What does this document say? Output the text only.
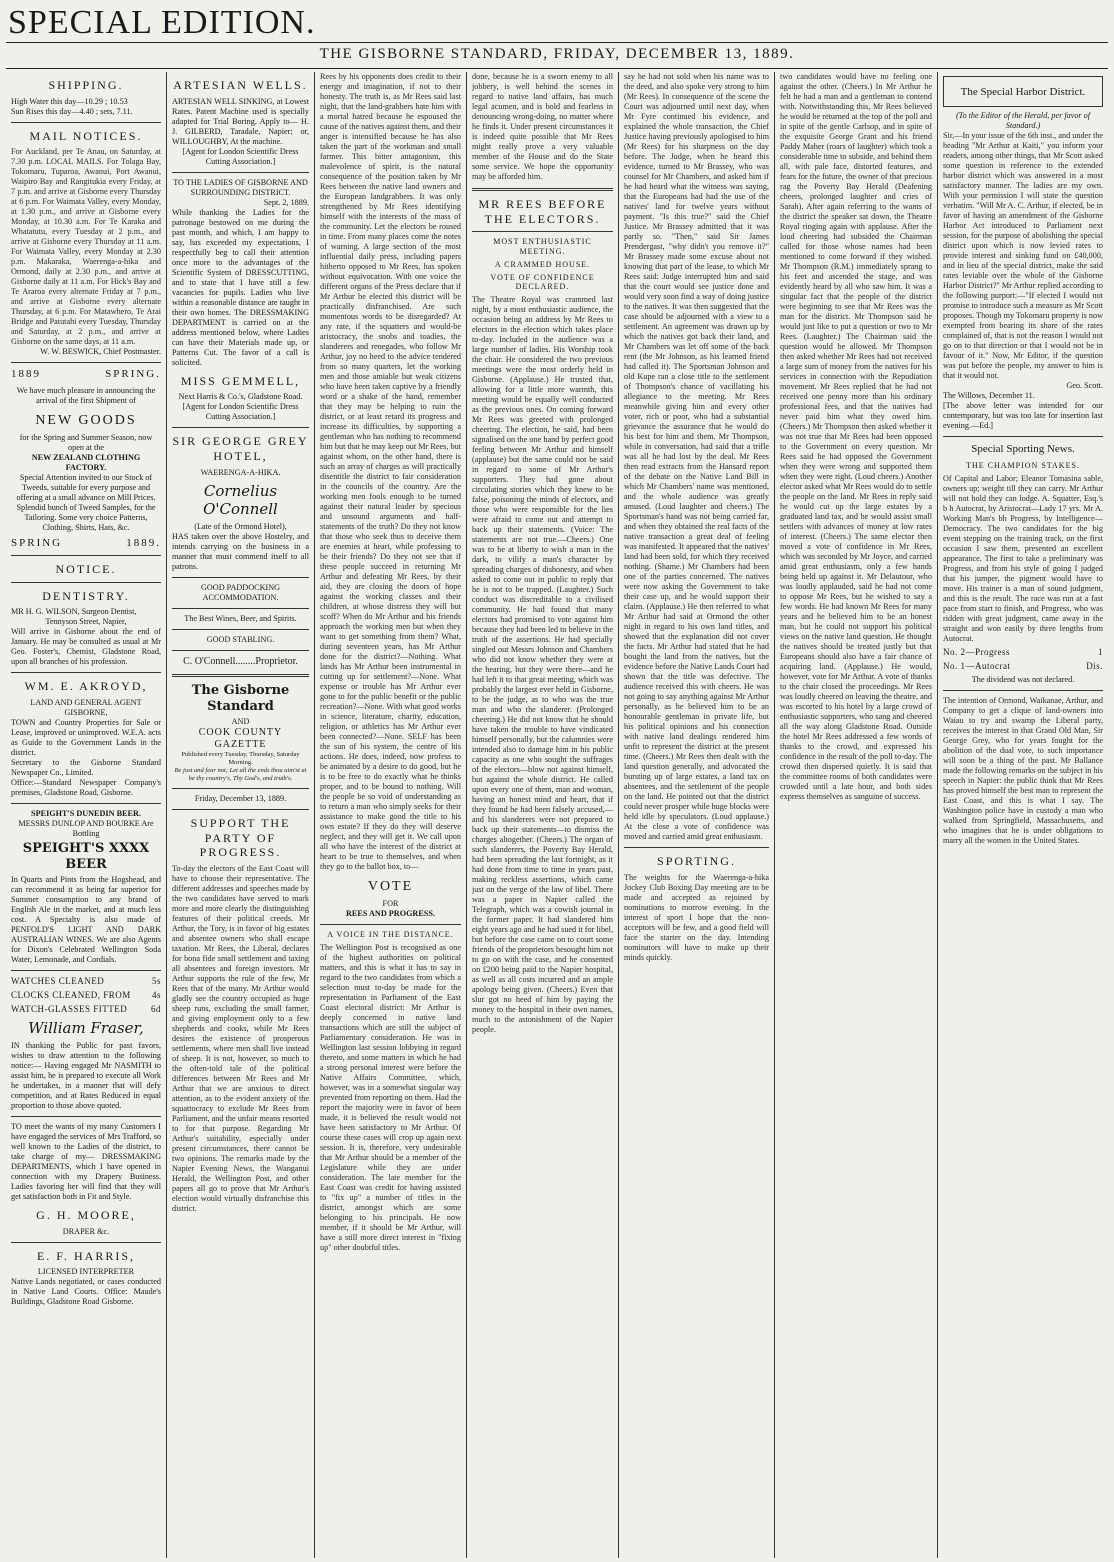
SPECIAL EDITION.
THE GISBORNE STANDARD, FRIDAY, DECEMBER 13, 1889.
SHIPPING.
High Water this day—10.29 ; 10.53
Sun Rises this day—4.40 ; sets, 7.11.
MAIL NOTICES.
For Auckland, per Te Anau, on Saturday, at 7.30 p.m. LOCAL MAILS. For Tolaga Bay, Tokomaru, Tuparoa, Awanui, Port Awanui, Waipiro Bay and Rangitukia every Friday, at 7 p.m. and arrive at Gisborne every Thursday at 6 p.m. For Waimata Valley, every Monday, at 1.30 p.m., and arrive at Gisborne every Monday, at 10.30 a.m. For Te Karaka and Whatatutu, every Tuesday at 2 p.m., and arrive at Gisborne every Thursday at 11 a.m. For Waimata Valley, every Monday at 2.30 p.m. Makaraka, Waerenga-a-hika and Ormond, daily at 2.30 p.m., and arrive at Gisborne daily at 11 a.m. For Hick's Bay and Te Araroa every alternate Friday at 7 p.m., and arrive at Gisborne every alternate Thursday, at 6 p.m. For Matawhero, Te Arai Bridge and Patutahi every Tuesday, Thursday and Saturday, at 2 p.m., and arrive at Gisborne on the same days, at 11 a.m.
W. W. BESWICK, Chief Postmaster.
1889	SPRING.
We have much pleasure in announcing the arrival of the first Shipment of
NEW GOODS
for the Spring and Summer Season, now open at the
NEW ZEALAND CLOTHING FACTORY.
Special Attention invited to our Stock of Tweeds, suitable for every purpose and offering at a small advance on Mill Prices. Splendid bunch of Tweed Samples, for the Tailoring. Some very choice Patterns, Clothing, Shirts, Hats, &c.
SPRING	1889.
NOTICE.
DENTISTRY.
MR H. G. WILSON, Surgeon Dentist,
Tennyson Street, Napier,
Will arrive in Gisborne about the end of January. He may be consulted as usual at Mr Geo. Foster's, Chemist, Gladstone Road, upon all branches of his profession.
WM. E. AKROYD,
LAND AND GENERAL AGENT GISBORNE,
TOWN and Country Properties for Sale or Lease, improved or unimproved. W.E.A. acts as Guide to the Government Lands in the district.
Secretary to the Gisborne Standard Newspaper Co., Limited.
Office:—Standard Newspaper Company's premises, Gladstone Road, Gisborne.
SPEIGHT'S DUNEDIN BEER.
MESSRS DUNLOP AND BOURKE Are Bottling
SPEIGHT'S XXXX BEER
In Quarts and Pints from the Hogshead, and can recommend it as being far superior for Summer consumption to any brand of English Ale in the market, and at much less cost. A Specialty is also made of PENFOLD'S LIGHT AND DARK AUSTRALIAN WINES. We are also Agents for Dixon's Celebrated Wellington Soda Water, Lemonade, and Cordials.
WATCHES CLEANED	5s
CLOCKS CLEANED, FROM 4s
WATCH-GLASSES FITTED	6d
William Fraser,
IN thanking the Public for past favors, wishes to draw attention to the following notice:— Having engaged Mr NASMITH to assist him, he is prepared to execute all Work he undertakes, in a manner that will defy competition, and at Rates Reduced in equal proportion to those above quoted.
TO meet the wants of my many Customers I have engaged the services of Mrs Trafford, so well known to the Ladies of the district, to take charge of my— DRESSMAKING DEPARTMENTS, which I have opened in connection with my Drapery Business. Ladies favoring her will find that they will get satisfaction both in Fit and Style.
G. H. MOORE,
DRAPER &c.
E. F. HARRIS,
LICENSED INTERPRETER
Native Lands negotiated, or cases conducted in Native Land Courts. Office: Maude's Buildings, Gladstone Road Gisborne.
ARTESIAN WELLS.
ARTESIAN WELL SINKING, at Lowest Rates. Patent Machine used is specially adapted for Trial Boring. Apply to— H. J. GILBERD, Taradale, Napier; or, WILLOUGHBY, At the machine.
[Agent for London Scientific Dress Cutting Association.]
TO THE LADIES OF GISBORNE AND SURROUNDING DISTRICT.
Sept. 2, 1889.
While thanking the Ladies for the patronage bestowed on me during the past month, and which, I am happy to say, has exceeded my expectations, I respectfully beg to call their attention once more to the advantages of the Scientific System of DRESSCUTTING, and to state that I have still a few vacancies for pupils. Ladies who live within a reasonable distance are taught in their own homes. The DRESSMAKING DEPARTMENT is carried on at the address mentioned below, where Ladies can have their Materials made up, or Patterns Cut. The favor of a call is solicited.
MISS GEMMELL,
Next Harris & Co.'s, Gladstone Road.
[Agent for London Scientific Dress Cutting Association.]
SIR GEORGE GREY HOTEL,
WAERENGA-A-HIKA.
Cornelius O'Connell
(Late of the Ormond Hotel),
HAS taken over the above Hostelry, and intends carrying on the business in a manner that must commend itself to all patrons.
GOOD PADDOCKING ACCOMMODATION.
The Best Wines, Beer, and Spirits.
GOOD STABLING.
C. O'Connell........Proprietor.
The Gisborne Standard
AND
COOK COUNTY GAZETTE
Published every Tuesday, Thursday, Saturday Morning.
Be just and fear not; Let all the ends thou aim'st at be thy country's, Thy God's, and truth's.
Friday, December 13, 1889.
SUPPORT THE PARTY OF PROGRESS.
To-day the electors of the East Coast will have to choose their representative. The different addresses and speeches made by the two candidates have served to mark more and more clearly the distinguishing features of their political creeds. Mr Arthur, the Tory, is in favor of big estates and absentee owners who shall escape taxation. Mr Rees, the Liberal, declares for bona fide small settlement and taxing all absentees and foreign investors. Mr Arthur supports the rule of the few, Mr Rees that of the many. Mr Arthur would gladly see the country occupied as huge sheep runs, excluding the small farmer, and giving employment only to a few shepherds and cooks, while Mr Rees desires the existence of prosperous settlements, where men shall live instead of sheep. It is not, however, so much to the often-told tale of the political differences between Mr Rees and Mr Arthur that we are anxious to direct attention, as to the evident anxiety of the squattocracy to exclude Mr Rees from Parliament, and the unfair means resorted to for that purpose. Regarding Mr Arthur's suitability, especially under present circumstances, there cannot be two opinions. The remarks made by the Napier Evening News, the Wanganui Herald, the Wellington Post, and other papers all go to prove that Mr Arthur's election would virtually disfranchise this district.
Rees by his opponents does credit to their energy and imagination, if not to their honesty. The truth is, as Mr Rees said last night, that the land-grabbers hate him with a mortal hatred because he espoused the cause of the natives against them, and their anger is intensified because he has also taken the part of the workman and small farmer. This bitter antagonism, this malevolence of spirit, is the natural consequence of the position taken by Mr Rees between the native land owners and the European landgrabbers. It was only strengthened by Mr Rees identifying himself with the interests of the mass of the community. Let the electors be roused in time. From many places come the notes of warning. A large section of the most influential daily press, including papers hitherto opposed to Mr Rees, has spoken without equivocation. With one voice the different organs of the Press declare that if Mr Arthur be elected this district will be practically disfranchised. Are such momentous words to be disregarded? At any rate, if the squatters and would-be aristocracy, the snobs and toadies, the slanderers and renegades, who follow Mr Arthur, joy no heed to the advice tendered from so many quarters, let the working men and those amiable but weak citizens who have been taken captive by a friendly word or a shake of the hand, remember that they may be helping to ruin the district, or at least retard its progress and increase its difficulties, by supporting a gentleman who has nothing to recommend him but that he may keep out Mr Rees, but against whom, on the other hand, there is such an array of charges as will practically disentitle the district to fair consideration in the councils of the country. Are the working men fools enough to be turned against their natural leader by specious and unsound arguments and half-statements of the truth? Do they not know that those who seek thus to deceive them are enemies at heart, while professing to be their friends? Do they not see that if these people succeed in returning Mr Arthur and defeating Mr Rees, by their aid, they are closing the doors of hope against the working classes and their children, at whose distress they will but scoff? When do Mr Arthur and his friends approach the working men but when they want to get something from them? What, during seventeen years, has Mr Arthur done for the district?—Nothing. What lands has Mr Arthur been instrumental in cutting up for settlement?—None. What expense or trouble has Mr Arthur ever gone to for the public benefit or the public recreation?—None. With what good works in science, literature, charity, education, religion, or athletics has Mr Arthur ever been connected?—None. SELF has been the sun of his system, the centre of his actions. He does, indeed, now profess to be animated by a desire to do good, but he is to be free to do exactly what he thinks proper, and to be bound to nothing. Will the people be so void of understanding as to return a man who simply seeks for their assistance to make good the title to his own estate? If they do they will deserve neglect, and they will get it. We call upon all who have the interest of the district at heart to be true to themselves, and when they go to the ballot box, to—
VOTE
FOR
REES AND PROGRESS.
A VOICE IN THE DISTANCE.
The Wellington Post is recognised as one of the highest authorities on political matters, and this is what it has to say in regard to the two candidates from which a selection must to-day be made for the representation in Parliament of the East Coast electoral district: Mr Arthur is deeply concerned in native land transactions which are still the subject of Parliamentary consideration. He was in Wellington last session lobbying in regard thereto, and some matters in which he had a strong personal interest were before the Native Affairs Committee, which, however, was in a somewhat singular way prevented from reporting on them. Had the report the majority were in favor of been made, it is believed the result would not have been satisfactory to Mr Arthur. Of course these cases will crop up again next session. It is, therefore, very undesirable that Mr Arthur should be a member of the Legislature while they are under consideration. The late member for the East Coast was credit for having assisted to "fix up" a number of titles in the district, amongst which are some belonging to his principals. He now member, if it should be Mr Arthur, will have a still more direct interest in "fixing up" other doubtful titles.
done, because he is a sworn enemy to all jobbery, is well behind the scenes in regard to native land affairs, has much legal acumen, and is bold and fearless in denouncing wrong-doing, no matter where he finds it. Under present circumstances it is indeed quite possible that Mr Rees might really prove a very valuable member of the House and do the State some service. We hope the opportunity may be afforded him.
MR REES BEFORE THE ELECTORS.
MOST ENTHUSIASTIC MEETING.
A CRAMMED HOUSE.
VOTE OF CONFIDENCE DECLARED.
The Theatre Royal was crammed last night, by a most enthusiastic audience, the occasion being an address by Mr Rees to electors in the election which takes place to-day. Included in the audience was a large number of ladies. His Worship took the chair. He considered the two previous meetings were the most orderly held in Gisborne. (Applause.) He trusted that, allowing for a little more warmth, this meeting would be equally well conducted as the previous ones. On coming forward Mr Rees was greeted with prolonged cheering. The election, he said, had been signalised on the one hand by perfect good feeling between Mr Arthur and himself (applause) but the same could not be said in regard to some of Mr Arthur's supporters. They had gone about circulating stories which they knew to be false, poisoning the minds of electors, and those who were responsible for the lies were afraid to come out and attempt to back up their statements. (Voice: The statements are not true.—Cheers.) One was to be at liberty to wish a man in the dark, to vilify a man's character by spreading charges of dishonesty, and when asked to come out in public to reply that he is not to be trapped. (Laughter.) Such conduct was discreditable to a civilised community. He had found that many electors had promised to vote against him because they had been led to believe in the truth of the assertions. He had specially singled out Messrs Johnson and Chambers who did not know whether they were at the hearing, but they were there—and he had left it to that great meeting, which was probably the largest ever held in Gisborne, to be the judge, as to who was the true man and who the slanderer. (Prolonged cheering.) He did not know that he should have taken the trouble to have vindicated himself personally, but the calumnies were intended also to damage him in his public capacity as one who sought the suffrages of the electors—blow not against himself, but against the whole district. He called upon every one of them, man and woman, having an honest mind and heart, that if they found he had been falsely accused,—and his slanderers were not prepared to back up their statements—to dismiss the charges altogether. (Cheers.) The organ of such slanderers, the Poverty Bay Herald, had been spreading the last fortnight, as it had done from time to time in years past, making reckless assertions, which came just on the verge of the law of libel. There was a paper in Napier called the Telegraph, which was a cowish journal in the former paper. It had slandered him eight years ago and he had sued it for libel, but before the case came on to court some friends of the proprietors besought him not to go on with the case, and he consented on £200 being paid to the Napier hospital, as well as all costs incurred and an ample apology being given. (Cheers.) Even that slur got no heed of him by paying the money to the hospital in their own names, much to the astonishment of the Napier people.
say he had not sold when his name was to the deed, and also spoke very strong to him (Mr Rees). In consequence of the scene the Court was adjourned until next day, when Mr Fyre continued his evidence, and explained the whole transaction, the Chief Justice having previously apologised to him (Mr Rees) for his sharpness on the day before. The Judge, when he heard this evidence, turned to Mr Brassey, who was counsel for Mr Chambers, and asked him if he had heard what the witness was saying, that the Europeans had had the use of the natives' land for twelve years without payment. "Is this true?" said the Chief Justice. Mr Brassey admitted that it was partly so. "Then," said Sir James Prendergast, "why didn't you remove it?" Mr Brassey made some excuse about not knowing that part of the lease, to which Mr Rees said: Judge interrupted him and said that the court would see justice done and would very soon find a way of doing justice to the natives. It was then suggested that the case should be adjourned with a view to a settlement. An agreement was drawn up by which the natives got back their land, and Mr Chambers was let off some of the back rent (the Mr Johnson, as his learned friend had called it). The Sportsman Johnson and old Kupe ran a close title to the settlement of Thompson's chance of vacillating his allegiance to the meeting. Mr Rees meanwhile giving him and every other voter, rich or poor, who had a substantial grievance the assurance that he would do his best for him and them. Mr Thompson, while in conversation, had said that a trifle was all he had lost by the deal. Mr Rees then read extracts from the Hansard report of the debate on the Native Land Bill in which Mr Chambers' name was mentioned, and the whole audience was greatly amused. (Loud laughter and cheers.) The Sportsman's hand was not being carried far, and when they obtained the real facts of the native transaction a great deal of feeling was manifested. It appeared that the natives' land had been sold, for which they received nothing. (Shame.) Mr Chambers had been one of the parties concerned. The natives were now asking the Government to take their case up, and he would support their claim. (Applause.) He then referred to what Mr Arthur had said at Ormond the other night in regard to his own land titles, and showed that the explanation did not cover the facts. Mr Arthur had stated that he had bought the land from the natives, but the evidence before the Native Lands Court had shown that the title was defective. The audience received this with cheers. He was not going to say anything against Mr Arthur personally, as he believed him to be an honourable gentleman in private life, but his political opinions and his connection with native land dealings rendered him unfit to represent the district at the present time. (Cheers.) Mr Rees then dealt with the land question generally, and advocated the bursting up of large estates, a land tax on absentees, and the settlement of the people on the land. He pointed out that the district could never prosper while huge blocks were held idle by speculators. (Loud applause.) At the close a vote of confidence was moved and carried amid great enthusiasm.
SPORTING.
The weights for the Waerenga-a-hika Jockey Club Boxing Day meeting are to be made and accepted as rejoined by nominations to morrow evening. In the interest of sport I hope that the non-acceptors will be few, and a good field will face the starter on the day. Intending nominators will have to make up their minds quickly.
two candidates would have no feeling one against the other. (Cheers.) In Mr Arthur he felt he had a man and a gentleman to contend with. Notwithstanding this, Mr Rees believed he would be returned at the top of the poll and in spite of the gentle Carlsop, and in spite of the exquisite George Grant and his friend Paddy Maher (roars of laughter) which took a considerable time to subside, and behind them all, with pale face, distorted features, and fears for the future, the owner of that precious rag the Poverty Bay Herald (Deafening cheers, prolonged laughter and cries of Sarah). After again referring to the wants of the district the speaker sat down, the Theatre Royal ringing again with applause. After the loud cheering had subsided the Chairman called for those whose names had been mentioned to come forward if they wished. Mr Thompson (R.M.) immediately sprang to his feet and ascended the stage, and was evidently heard by all who saw him. It was a singular fact that the people of the district were beginning to see that Mr Rees was the man for the district. Mr Thompson said he would just like to put a question or two to Mr Rees. (Laughter.) The Chairman said the question would be allowed. Mr Thompson then asked whether Mr Rees had not received a large sum of money from the natives for his services in connection with the Repudiation movement. Mr Rees replied that he had not received one penny more than his ordinary professional fees, and that the natives had never paid him what they owed him. (Cheers.) Mr Thompson then asked whether it was not true that Mr Rees had been opposed to the Government on every question. Mr Rees said he had opposed the Government when they were wrong and supported them when they were right. (Loud cheers.) Another elector asked what Mr Rees would do to settle the people on the land. Mr Rees in reply said he would cut up the large estates by a graduated land tax, and he would assist small settlers with advances of money at low rates of interest. (Cheers.) The same elector then moved a vote of confidence in Mr Rees, which was seconded by Mr Joyce, and carried amid great enthusiasm, only a few hands being held up against it. Mr Delautour, who was loudly applauded, said he had not come to oppose Mr Rees, but he wished to say a few words. He had known Mr Rees for many years and he believed him to be an honest man, but he could not support his political views on the native land question. He thought the natives should be treated justly but that Europeans should also have a fair chance of acquiring land. (Applause.) He would, however, vote for Mr Arthur. A vote of thanks to the chair closed the proceedings. Mr Rees was loudly cheered on leaving the theatre, and was escorted to his hotel by a large crowd of enthusiastic supporters, who sang and cheered all the way along Gladstone Road. Outside the hotel Mr Rees addressed a few words of thanks to the crowd, and expressed his confidence in the result of the poll to-day. The crowd then dispersed quietly. It is said that the committee rooms of both candidates were crowded until a late hour, and both sides express themselves as sanguine of success.
The Special Harbor District.
(To the Editor of the Herald, per favor of Standard.)
Sir,—In your issue of the 6th inst., and under the heading "Mr Arthur at Kaiti," you inform your readers, among other things, that Mr Scott asked some question in reference to the extended harbor district which was answered in a most satisfactory manner. The ladies are my own. With your permission I will state the question verbatim. "Will Mr A. C. Arthur, if elected, be in favor of having an amendment of the Gisborne Harbor Act introduced to Parliament next session, for the purpose of abolishing the special district upon which is now levied rates to provide interest and sinking fund on £40,000, and in lieu of the special district, make the said rates leviable over the whole of the Gisborne Harbor District?" Mr Arthur replied according to the following purport:—"If elected I would not promise to introduce such a measure as Mr Scott proposes. Though my Tokomaru property is now exempted from bearing its share of the rates complained of, that is not the reason I would not go on to that direction or that I would not be in favour of it." Now, Mr Editor, if the question was put before the people, my answer to him is that it would not.
Geo. Scott.
The Willows, December 11.
[The above letter was intended for our contemporary, but was too late for insertion last evening.—Ed.]
Special Sporting News.
THE CHAMPION STAKES.
Of Capital and Labor; Eleanor Tomasina sable, owners up; weight till they can carry. Mr Arthur will not hold they can lodge. A. Squatter, Esq.'s b h Autocrat, by Aristocrat—Lady 17 yrs. Mr A. Working Man's bh Progress, by Intelligence—Democracy. The two candidates for the big event stepping on the training track, on the first occasion I saw them, presented an excellent appearance. The first to take a preliminary was Progress, and from his style of going I judged that his jumper, the pigment would have to move. His trainer is a man of sound judgment, and this is the result. The race was run at a fast pace from start to finish, and Progress, who was ridden with great judgment, came away in the straight and won easily by three lengths from Autocrat.
No. 2—Progress	1
No. 1—Autocrat	Dis.
The dividend was not declared.
The intention of Ormond, Waikanae, Arthur, and Company to get a clique of land-owners into Waiau to try and swamp the Liberal party, receives the interest in that Grand Old Man, Sir George Grey, who for years fought for the abolition of the dual vote, to such importance will soon be a thing of the past. Mr Ballance made the following remarks on the subject in his speech in Napier: the public think that Mr Rees has proved himself the best man to represent the East Coast, and this is what I say. The Washington police have in custody a man who walked from Springfield, Massachusetts, and who imagines that he is under obligations to marry all the women in the United States.
